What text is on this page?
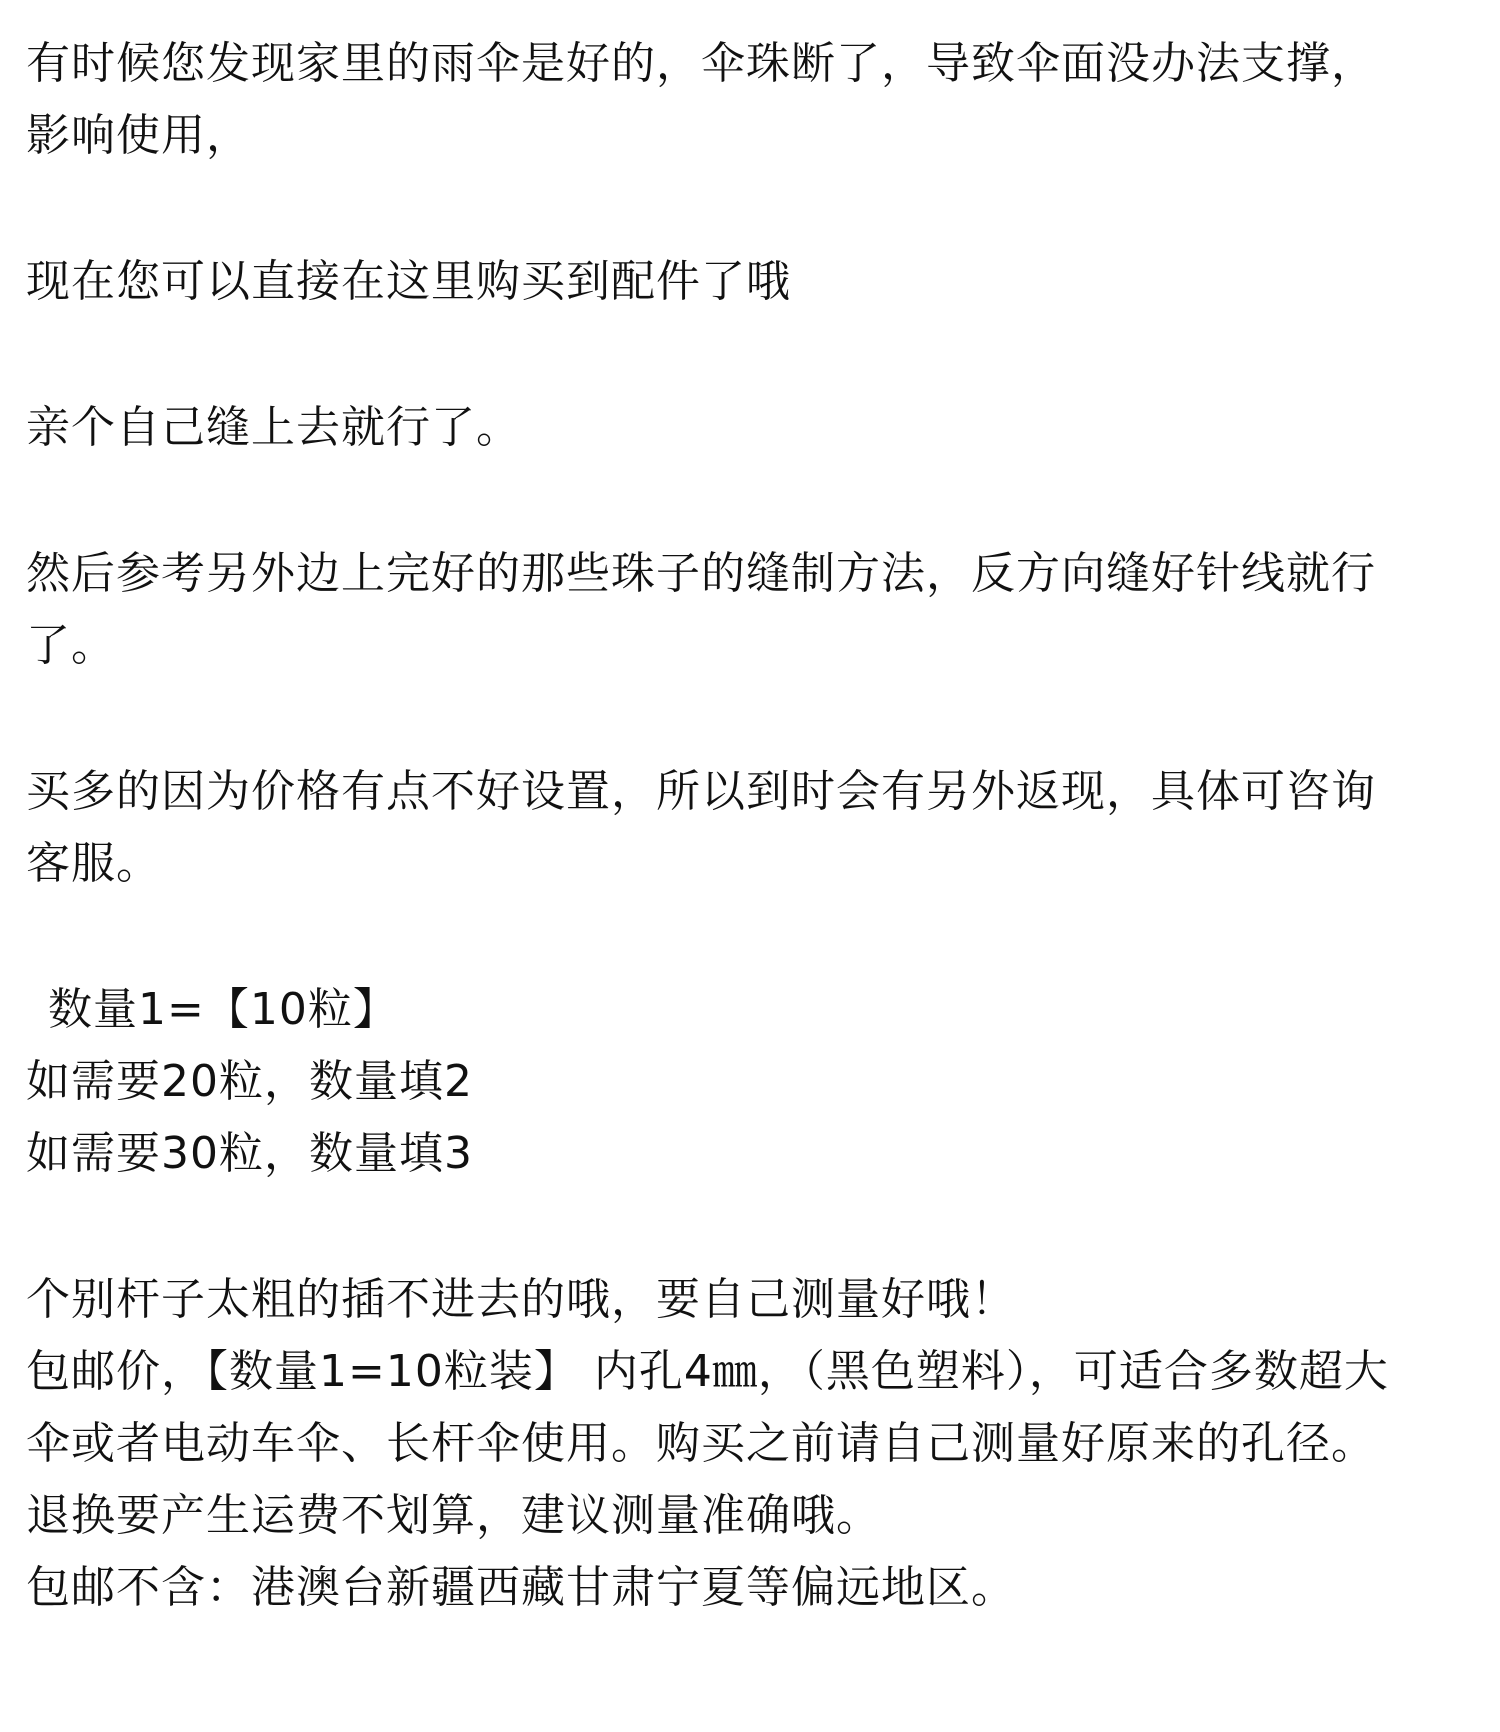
有时候您发现家里的雨伞是好的，伞珠断了，导致伞面没办法支撑，
影响使用，
现在您可以直接在这里购买到配件了哦
亲个自己缝上去就行了。
然后参考另外边上完好的那些珠子的缝制方法，反方向缝好针线就行
了。
买多的因为价格有点不好设置，所以到时会有另外返现，具体可咨询
客服。
数量1=【10粒】
如需要20粒，数量填2
如需要30粒，数量填3
个别杆子太粗的插不进去的哦，要自己测量好哦！
包邮价，【数量1=10粒装】 内孔4㎜，（黑色塑料），可适合多数超大
伞或者电动车伞、长杆伞使用。购买之前请自己测量好原来的孔径。
退换要产生运费不划算，建议测量准确哦。
包邮不含：港澳台新疆西藏甘肃宁夏等偏远地区。
